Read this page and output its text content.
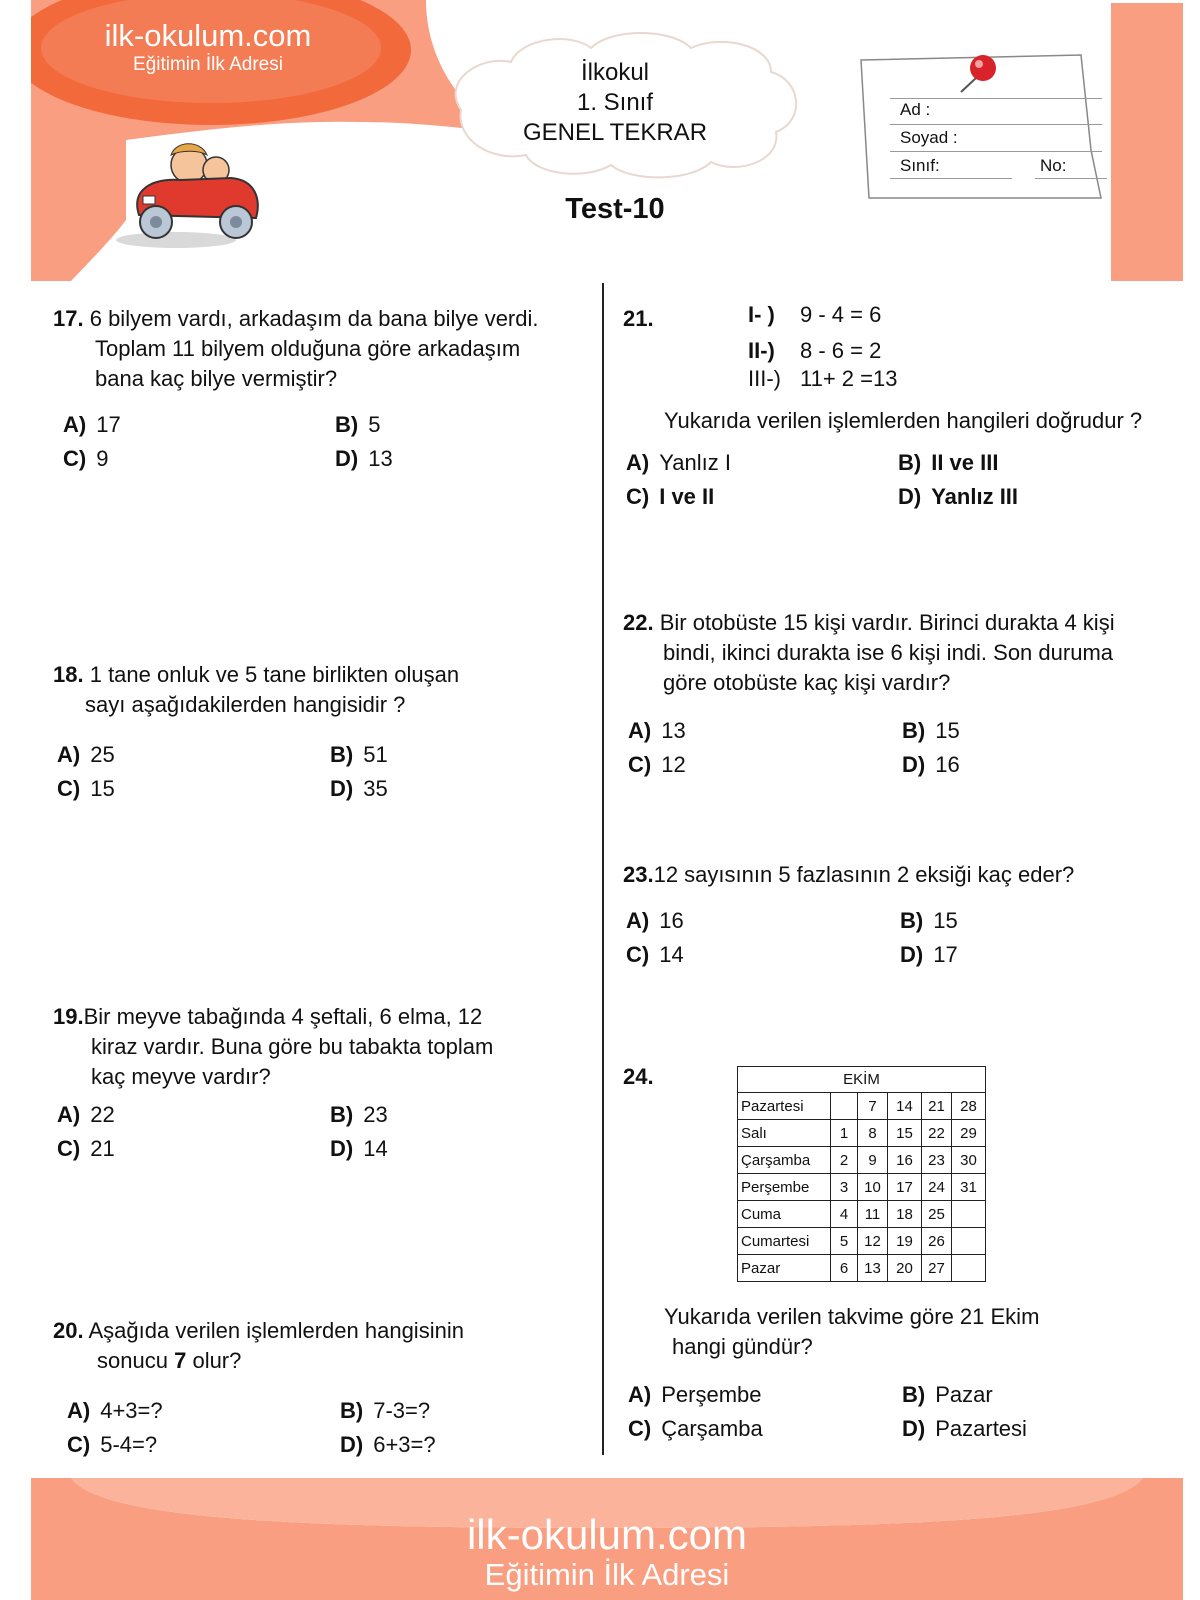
ilk-okulum.com
Eğitimin İlk Adresi	İlkokul
1. Sınıf
GENEL TEKRAR
Test-10
Ad :
Soyad :
Sınıf:	No:
17. 6 bilyem vardı, arkadaşım da bana bilye verdi.
Toplam 11 bilyem olduğuna göre arkadaşım
bana kaç bilye vermiştir?
A) 17	B) 5
C) 9	D) 13
18. 1 tane onluk ve 5 tane birlikten oluşan
sayı aşağıdakilerden hangisidir ?
A) 25	B) 51
C) 15	D) 35
19.Bir meyve tabağında 4 şeftali, 6 elma, 12
kiraz vardır. Buna göre bu tabakta toplam
kaç meyve vardır?
A) 22	B) 23
C) 21	D) 14
20. Aşağıda verilen işlemlerden hangisinin
sonucu 7 olur?
A) 4+3=?	B) 7-3=?
C) 5-4=?	D) 6+3=?
21.	I- ) 9 - 4 = 6
II-) 8 - 6 = 2
III-) 11+ 2 =13
Yukarıda verilen işlemlerden hangileri doğrudur ?
A) Yanlız I	B) II ve III
C) I ve II	D) Yanlız III
22. Bir otobüste 15 kişi vardır. Birinci durakta 4 kişi
bindi, ikinci durakta ise 6 kişi indi. Son duruma
göre otobüste kaç kişi vardır?
A) 13	B) 15
C) 12	D) 16
23.12 sayısının 5 fazlasının 2 eksiği kaç eder?
A) 16	B) 15
C) 14	D) 17
24.	EKİM					
Pazartesi		7	14	21	28
Salı	1	8	15	22	29
Çarşamba	2	9	16	23	30
Perşembe	3	10	17	24	31
Cuma	4	11	18	25	
Cumartesi	5	12	19	26	
Pazar	6	13	20	27	
Yukarıda verilen takvime göre 21 Ekim
hangi gündür?
A) Perşembe	B) Pazar
C) Çarşamba	D) Pazartesi
ilk-okulum.com
Eğitimin İlk Adresi
